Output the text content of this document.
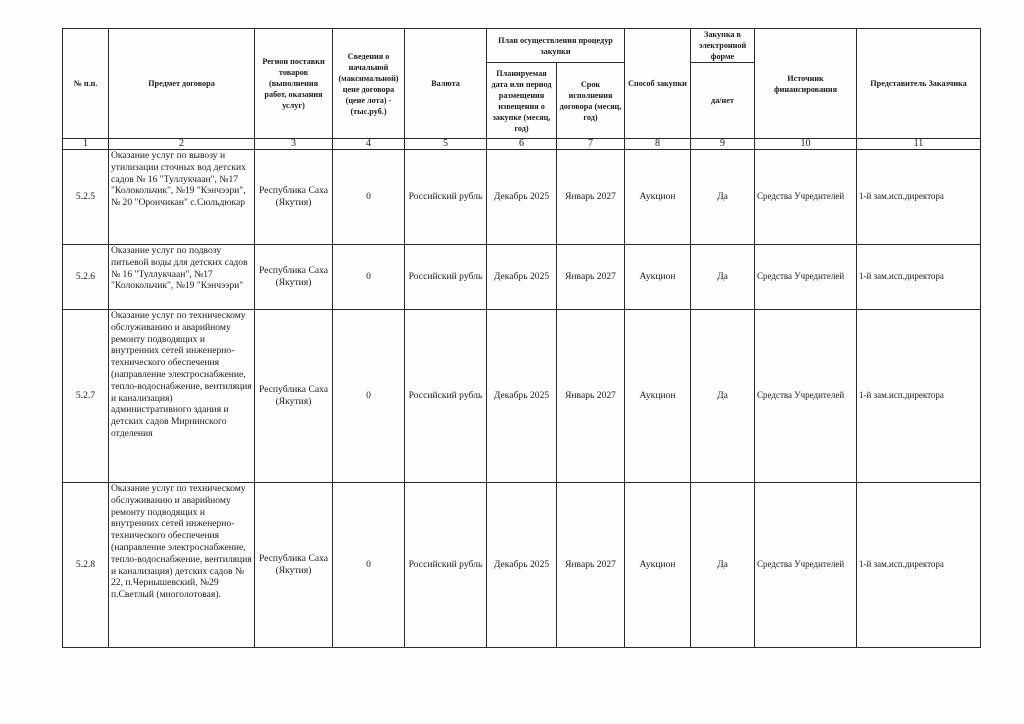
№ п.п.	Предмет договора	Регион поставки товаров (выполнения работ, оказания услуг)	Сведения о начальной (максимальной) цене договора (цене лота) - (тыс.руб.)	Валюта	План осуществления процедур закупки		Способ закупки	Закупка в электронной форме	Источник финансирования	Представитель Заказчика
					Планируемая дата или период размещения извещения о закупке (месяц, год)	Срок исполнения договора (месяц, год)		да/нет		
1	2	3	4	5	6	7	8	9	10	11
5.2.5	Оказание услуг по вывозу и утилизации сточных вод детских садов № 16 "Туллукчаан", №17 "Колокольчик", №19 "Кэнчээри", № 20 "Орончикан" с.Сюльдюкар	Республика Саха (Якутия)	0	Российский рубль	Декабрь 2025	Январь 2027	Аукцион	Да	Средства Учредителей	1-й зам.исп.директора
5.2.6	Оказание услуг по подвозу питьевой воды для детских садов № 16 "Туллукчаан", №17 "Колокольчик", №19 "Кэнчээри"	Республика Саха (Якутия)	0	Российский рубль	Декабрь 2025	Январь 2027	Аукцион	Да	Средства Учредителей	1-й зам.исп.директора
5.2.7	Оказание услуг по техническому обслуживанию и аварийному ремонту подводящих и внутренних сетей инженерно-технического обеспечения (направление электроснабжение, тепло-водоснабжение, вентиляция и канализация) административного здания и детских садов Мирнинского отделения	Республика Саха (Якутия)	0	Российский рубль	Декабрь 2025	Январь 2027	Аукцион	Да	Средства Учредителей	1-й зам.исп.директора
5.2.8	Оказание услуг по техническому обслуживанию и аварийному ремонту подводящих и внутренних сетей инженерно-технического обеспечения (направление электроснабжение, тепло-водоснабжение, вентиляция и канализация) детских садов № 22, п.Чернышевский, №29 п.Светлый (многолотовая).	Республика Саха (Якутия)	0	Российский рубль	Декабрь 2025	Январь 2027	Аукцион	Да	Средства Учредителей	1-й зам.исп.директора
